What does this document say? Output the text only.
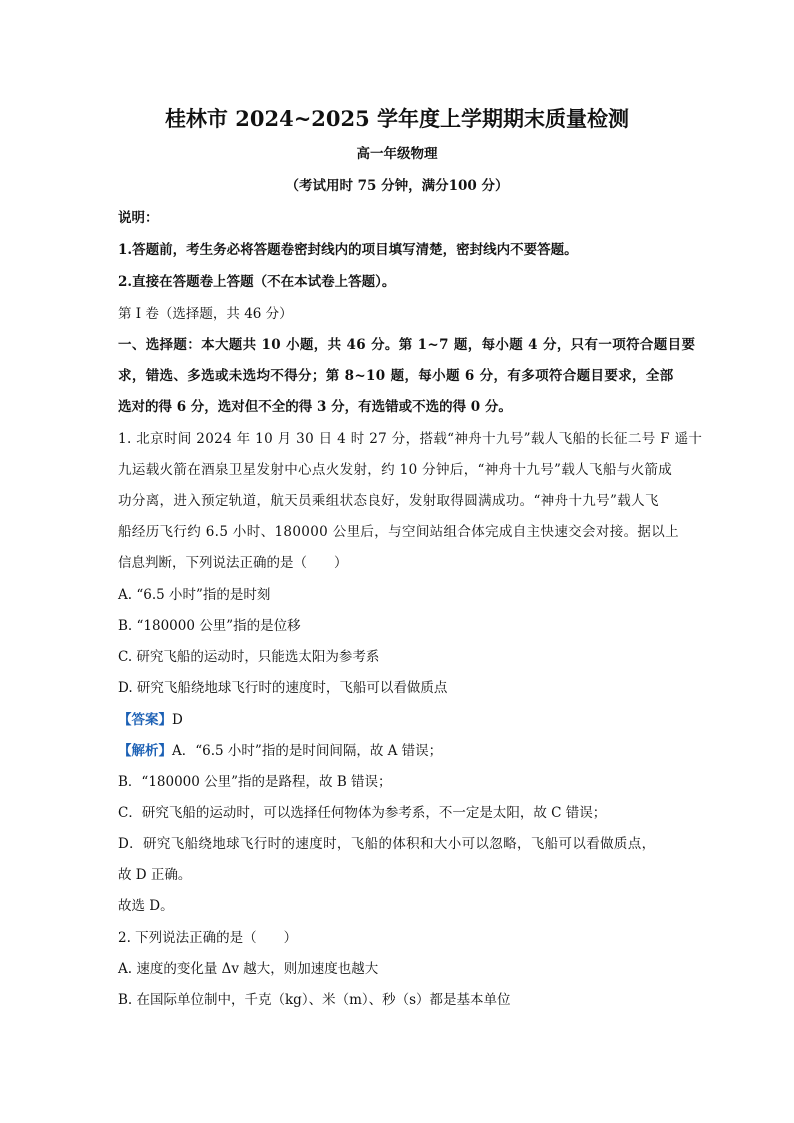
桂林市 2024~2025 学年度上学期期末质量检测
高一年级物理
（考试用时 75 分钟，满分100 分）
说明：
1.答题前，考生务必将答题卷密封线内的项目填写清楚，密封线内不要答题。
2.直接在答题卷上答题（不在本试卷上答题）。
第 I 卷（选择题，共 46 分）
一、选择题：本大题共 10 小题，共 46 分。第 1~7 题，每小题 4 分，只有一项符合题目要
求，错选、多选或未选均不得分；第 8~10 题，每小题 6 分，有多项符合题目要求，全部
选对的得 6 分，选对但不全的得 3 分，有选错或不选的得 0 分。
1. 北京时间 2024 年 10 月 30 日 4 时 27 分，搭载“神舟十九号”载人飞船的长征二号 F 遥十
九运载火箭在酒泉卫星发射中心点火发射，约 10 分钟后，“神舟十九号”载人飞船与火箭成
功分离，进入预定轨道，航天员乘组状态良好，发射取得圆满成功。“神舟十九号”载人飞
船经历飞行约 6.5 小时、180000 公里后，与空间站组合体完成自主快速交会对接。据以上
信息判断，下列说法正确的是（　　）
A. “6.5 小时”指的是时刻
B. “180000 公里”指的是位移
C. 研究飞船的运动时，只能选太阳为参考系
D. 研究飞船绕地球飞行时的速度时，飞船可以看做质点
【答案】D
【解析】A．“6.5 小时”指的是时间间隔，故 A 错误；
B．“180000 公里”指的是路程，故 B 错误；
C．研究飞船的运动时，可以选择任何物体为参考系，不一定是太阳，故 C 错误；
D．研究飞船绕地球飞行时的速度时，飞船的体积和大小可以忽略，飞船可以看做质点，
故 D 正确。
故选 D。
2. 下列说法正确的是（　　）
A. 速度的变化量 Δv 越大，则加速度也越大
B. 在国际单位制中，千克（kg）、米（m）、秒（s）都是基本单位
